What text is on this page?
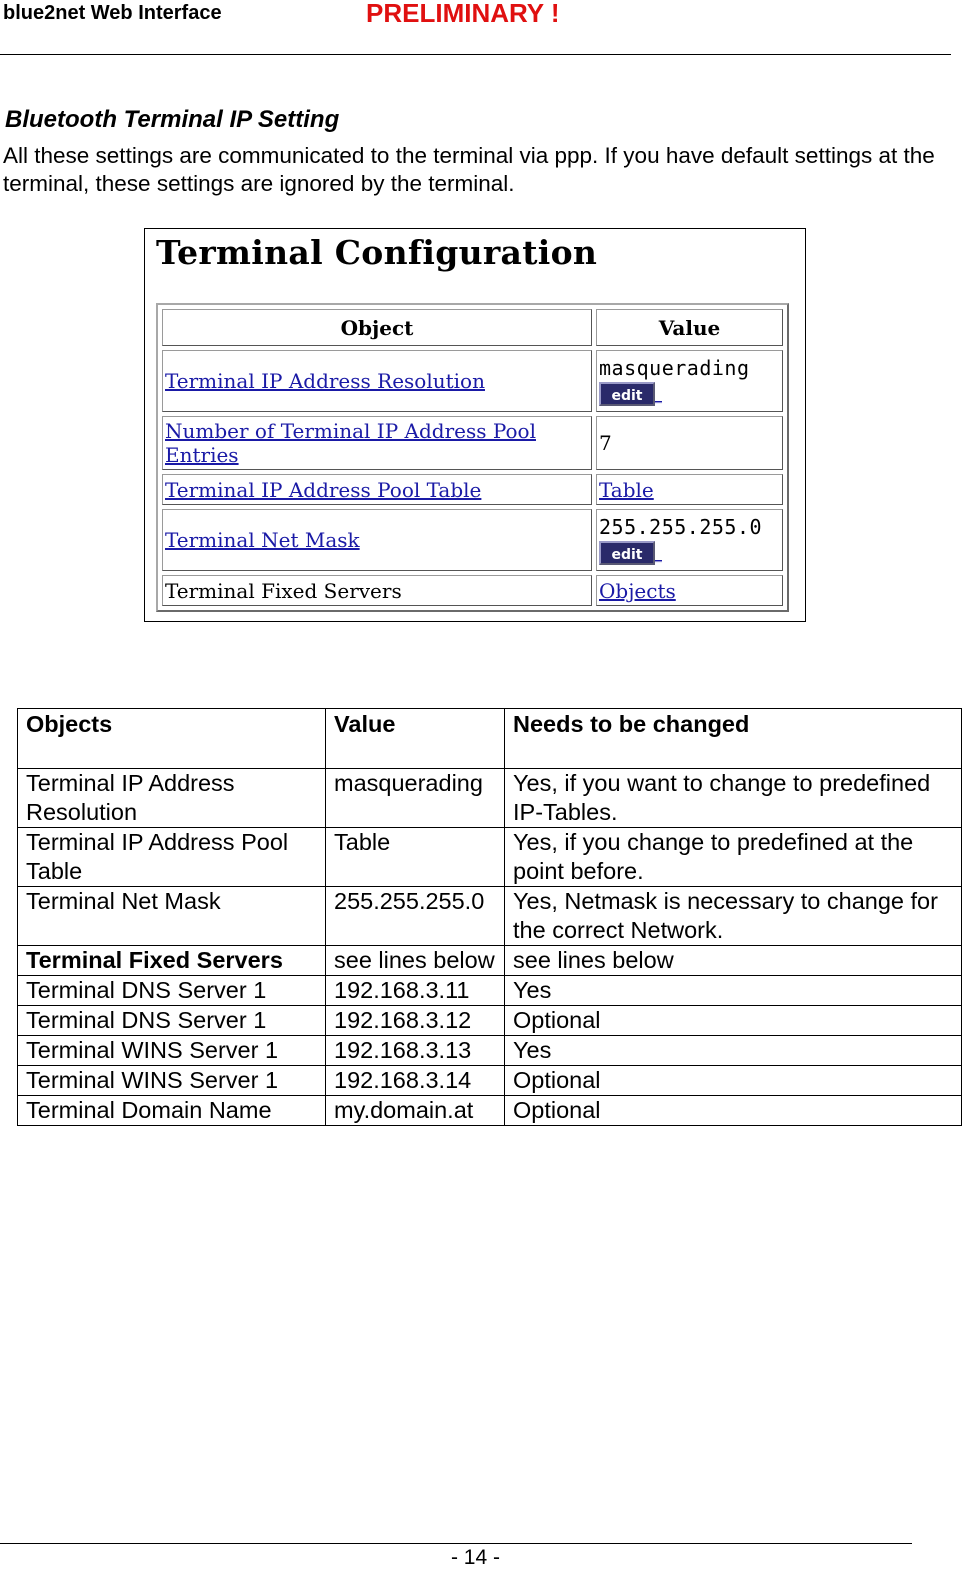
blue2net Web Interface	PRELIMINARY !
Bluetooth Terminal IP Setting
All these settings are communicated to the terminal via ppp. If you have default settings at the terminal, these settings are ignored by the terminal.
Terminal Configuration
Object	Value
Terminal IP Address Resolution	masquerading
edit _
Number of Terminal IP Address Pool Entries	7
Terminal IP Address Pool Table	Table
Terminal Net Mask	255.255.255.0
edit _
Terminal Fixed Servers	Objects
Objects	Value	Needs to be changed
Terminal IP Address Resolution	masquerading	Yes, if you want to change to predefined IP-Tables.
Terminal IP Address Pool Table	Table	Yes, if you change to predefined at the point before.
Terminal Net Mask	255.255.255.0	Yes, Netmask is necessary to change for the correct Network.
Terminal Fixed Servers	see lines below	see lines below
Terminal DNS Server 1	192.168.3.11	Yes
Terminal DNS Server 1	192.168.3.12	Optional
Terminal WINS Server 1	192.168.3.13	Yes
Terminal WINS Server 1	192.168.3.14	Optional
Terminal Domain Name	my.domain.at	Optional
- 14 -
